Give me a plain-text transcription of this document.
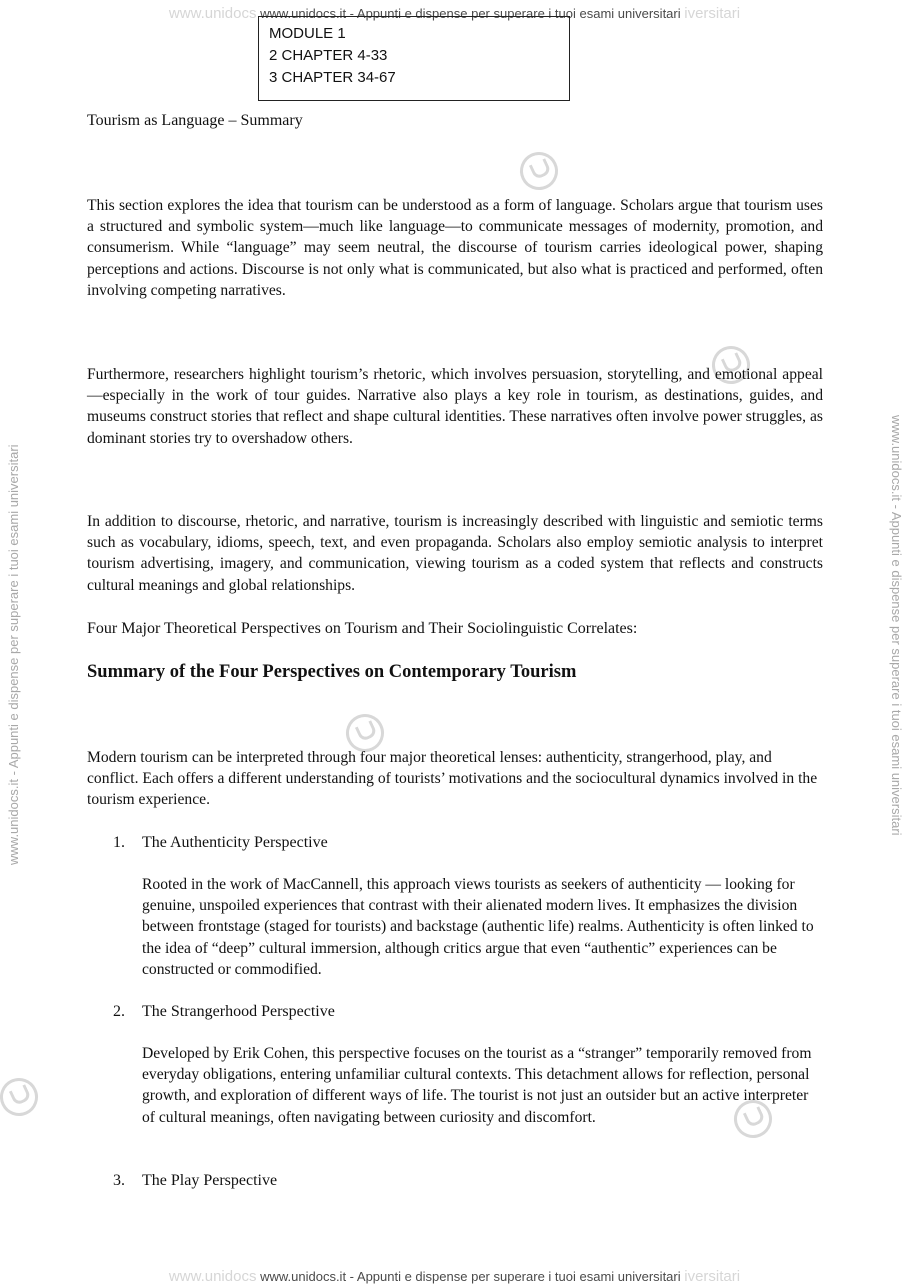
www.unidocs www.unidocs.it - Appunti e dispense per superare i tuoi esami universitari iversitari
www.unidocs www.unidocs.it - Appunti e dispense per superare i tuoi esami universitari iversitari
www.unidocs.it - Appunti e dispense per superare i tuoi esami universitari	www.unidocs.it - Appunti e dispense per superare i tuoi esami universitari
MODULE 1
2 CHAPTER 4-33
3 CHAPTER 34-67
Tourism as Language – Summary

This section explores the idea that tourism can be understood as a form of language. Scholars argue that tourism uses a structured and symbolic system—much like language—to communicate messages of modernity, promotion, and consumerism. While “language” may seem neutral, the discourse of tourism carries ideological power, shaping perceptions and actions. Discourse is not only what is communicated, but also what is practiced and performed, often involving competing narratives.

Furthermore, researchers highlight tourism’s rhetoric, which involves persuasion, storytelling, and emotional appeal—especially in the work of tour guides. Narrative also plays a key role in tourism, as destinations, guides, and museums construct stories that reflect and shape cultural identities. These narratives often involve power struggles, as dominant stories try to overshadow others.

In addition to discourse, rhetoric, and narrative, tourism is increasingly described with linguistic and semiotic terms such as vocabulary, idioms, speech, text, and even propaganda. Scholars also employ semiotic analysis to interpret tourism advertising, imagery, and communication, viewing tourism as a coded system that reflects and constructs cultural meanings and global relationships.

Four Major Theoretical Perspectives on Tourism and Their Sociolinguistic Correlates:
Summary of the Four Perspectives on Contemporary Tourism

Modern tourism can be interpreted through four major theoretical lenses: authenticity, strangerhood, play, and conflict. Each offers a different understanding of tourists’ motivations and the sociocultural dynamics involved in the tourism experience.

1. The Authenticity Perspective

Rooted in the work of MacCannell, this approach views tourists as seekers of authenticity — looking for genuine, unspoiled experiences that contrast with their alienated modern lives. It emphasizes the division between frontstage (staged for tourists) and backstage (authentic life) realms. Authenticity is often linked to the idea of “deep” cultural immersion, although critics argue that even “authentic” experiences can be constructed or commodified.

2. The Strangerhood Perspective

Developed by Erik Cohen, this perspective focuses on the tourist as a “stranger” temporarily removed from everyday obligations, entering unfamiliar cultural contexts. This detachment allows for reflection, personal growth, and exploration of different ways of life. The tourist is not just an outsider but an active interpreter of cultural meanings, often navigating between curiosity and discomfort.

3. The Play Perspective
